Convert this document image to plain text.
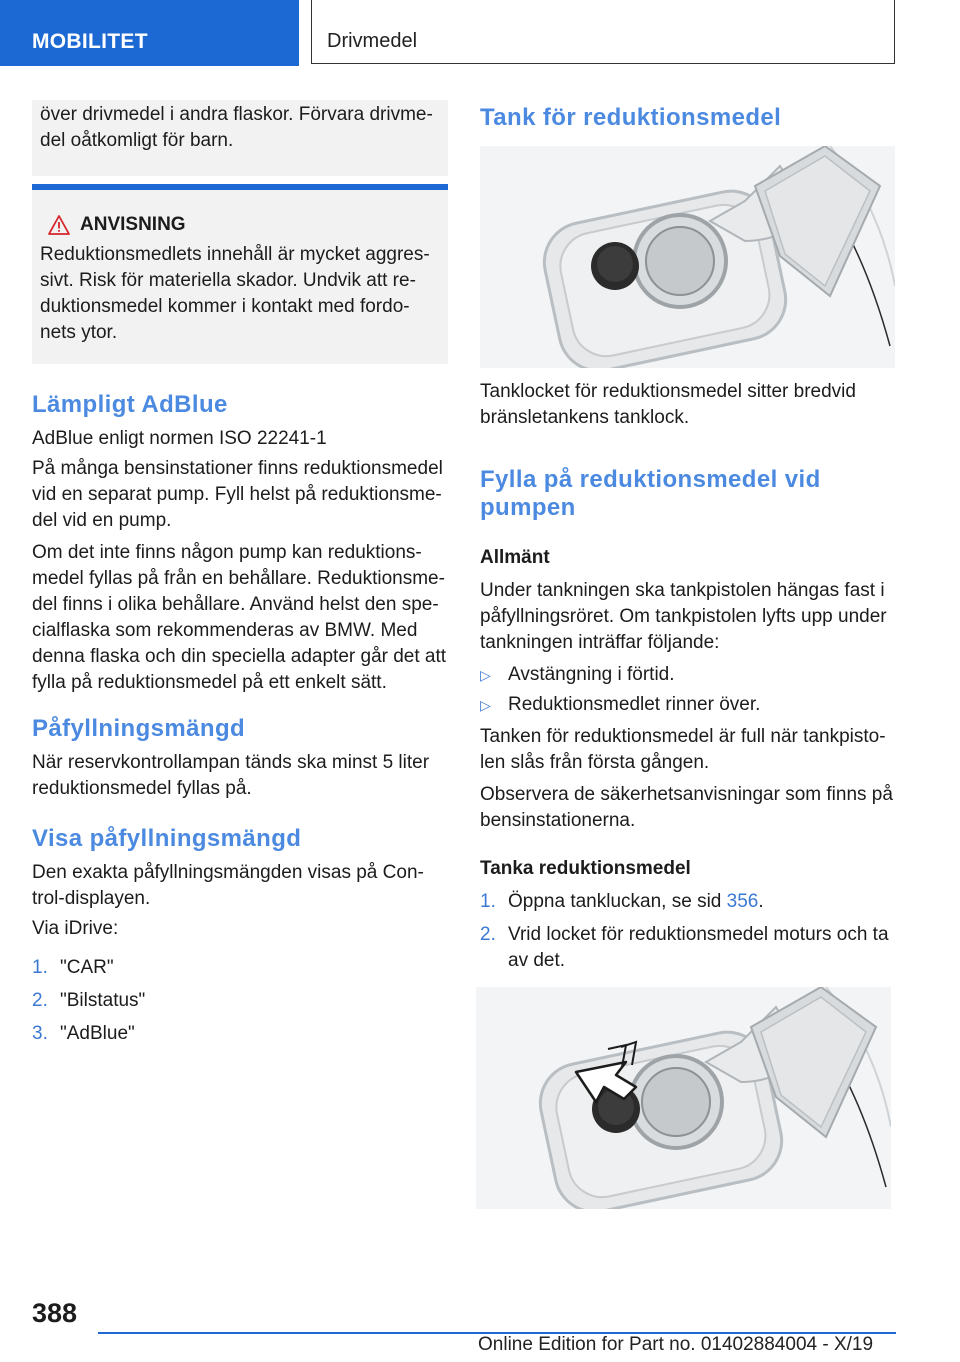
MOBILITET	Drivmedel

över drivmedel i andra flaskor. Förvara drivme-
del oåtkomligt för barn.

ANVISNING

Reduktionsmedlets innehåll är mycket aggres-
sivt. Risk för materiella skador. Undvik att re-
duktionsmedel kommer i kontakt med fordo-
nets ytor.

Lämpligt AdBlue

AdBlue enligt normen ISO 22241-1

På många bensinstationer finns reduktionsmedel
vid en separat pump. Fyll helst på reduktionsme-
del vid en pump.

Om det inte finns någon pump kan reduktions-
medel fyllas på från en behållare. Reduktionsme-
del finns i olika behållare. Använd helst den spe-
cialflaska som rekommenderas av BMW. Med
denna flaska och din speciella adapter går det att
fylla på reduktionsmedel på ett enkelt sätt.

Påfyllningsmängd

När reservkontrollampan tänds ska minst 5 liter
reduktionsmedel fyllas på.

Visa påfyllningsmängd

Den exakta påfyllningsmängden visas på Con-
trol-displayen.

Via iDrive:

1. "CAR"
2. "Bilstatus"
3. "AdBlue"
Tank för reduktionsmedel

Tanklocket för reduktionsmedel sitter bredvid
bränsletankens tanklock.

Fylla på reduktionsmedel vid
pumpen
Allmänt

Under tankningen ska tankpistolen hängas fast i
påfyllningsröret. Om tankpistolen lyfts upp under
tankningen inträffar följande:

▷ Avstängning i förtid.
▷ Reduktionsmedlet rinner över.

Tanken för reduktionsmedel är full när tankpisto-
len slås från första gången.

Observera de säkerhetsanvisningar som finns på
bensinstationerna.

Tanka reduktionsmedel
1. Öppna tankluckan, se sid 356.
2. Vrid locket för reduktionsmedel moturs och ta
av det.
388
Online Edition for Part no. 01402884004 - X/19
